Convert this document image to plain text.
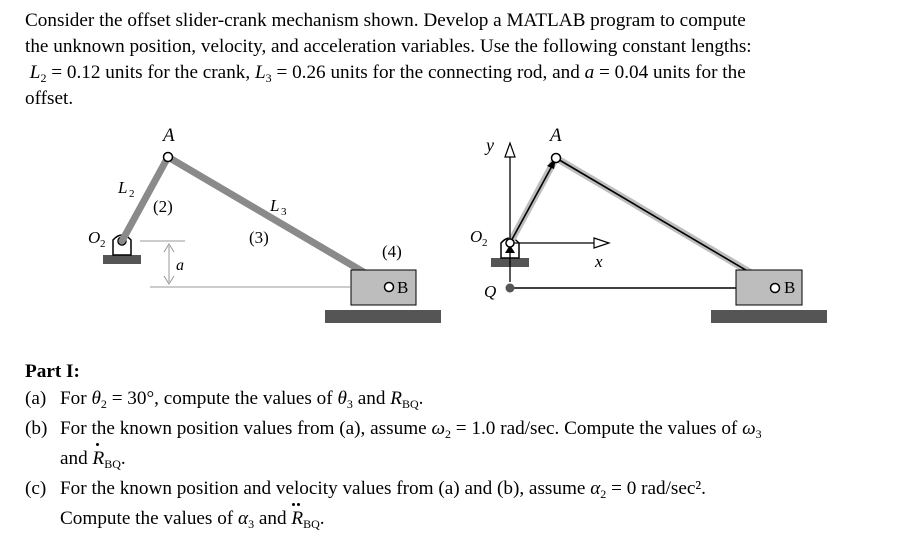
Consider the offset slider-crank mechanism shown. Develop a MATLAB program to compute
the unknown position, velocity, and acceleration variables. Use the following constant lengths:
$L_2 = 0.12$ units for the crank, $L_3 = 0.26$ units for the connecting rod, and a = 0.04 units for the
offset.
A
L 2
(2)	L 3
(3)
(4)
O 2
a
B
y	A
O 2
x
Q	B
Part I:
(a) For $\theta_2 = 30^\circ$, compute the values of $\theta_3$ and $R_{BQ}$.
(b) For the known position values from (a), assume $\omega_2 = 1.0$ rad/sec. Compute the values of $\omega_3$
and $R_{BQ}$.
(c) For the known position and velocity values from (a) and (b), assume $\alpha_2 = 0$ rad/sec².
Compute the values of $\alpha_3$ and $R_{BQ}$.
